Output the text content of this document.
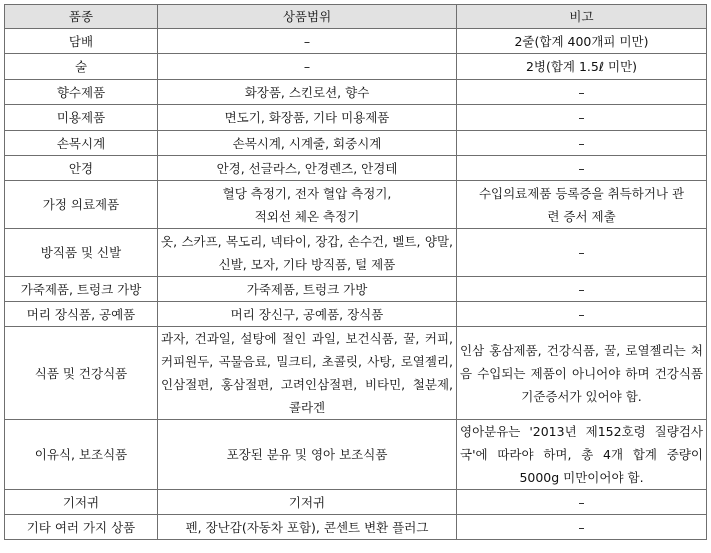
품종	상품범위	비고
담배	–	2줄(합계 400개피 미만)
술	–	2병(합계 1.5ℓ 미만)
향수제품	화장품, 스킨로션, 향수	–
미용제품	면도기, 화장품, 기타 미용제품	–
손목시계	손목시계, 시계줄, 회중시계	–
안경	안경, 선글라스, 안경렌즈, 안경테	–
가정 의료제품	혈당 측정기, 전자 혈압 측정기, 적외선 체온 측정기	수입의료제품 등록증을 취득하거나 관련 증서 제출
방직품 및 신발	옷, 스카프, 목도리, 넥타이, 장갑, 손수건, 벨트, 양말, 신발, 모자, 기타 방직품, 털 제품	–
가죽제품, 트렁크 가방	가죽제품, 트렁크 가방	–
머리 장식품, 공예품	머리 장신구, 공예품, 장식품	–
식품 및 건강식품	과자, 건과일, 설탕에 절인 과일, 보건식품, 꿀, 커피, 커피원두, 곡물음료, 밀크티, 초콜릿, 사탕, 로열젤리, 인삼절편, 홍삼절편, 고려인삼절편, 비타민, 철분제, 콜라겐	인삼 홍삼제품, 건강식품, 꿀, 로열젤리는 처음 수입되는 제품이 아니어야 하며 건강식품 기준증서가 있어야 함.
이유식, 보조식품	포장된 분유 및 영아 보조식품	영아분유는 '2013년 제152호령 질량검사국'에 따라야 하며, 총 4개 합계 중량이 5000g 미만이어야 함.
기저귀	기저귀	–
기타 여러 가지 상품	펜, 장난감(자동차 포함), 콘센트 변환 플러그	–
